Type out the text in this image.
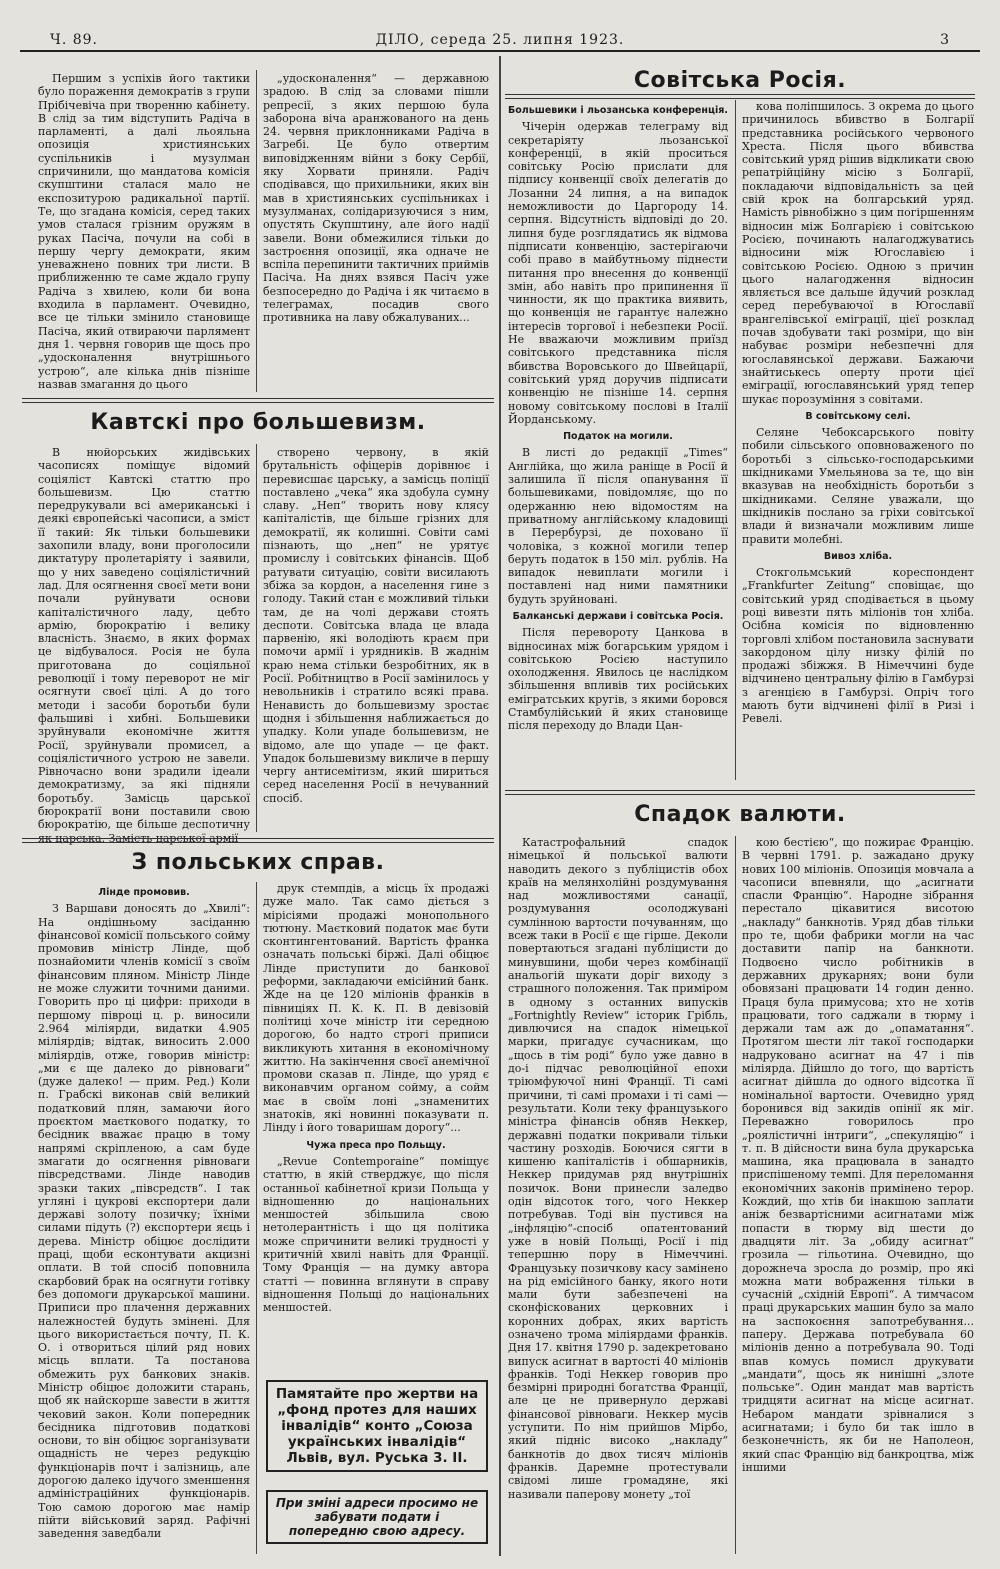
Ч. 89.	ДІЛО, середа 25. липня 1923.	3

Першим з успіхів його тактики було пораження демократів з групи Прібічевіча при творенню кабінету. В слід за тим відступить Радіча в парламенті, а далі льояльна опозиція християнських суспільників і музулман спричинили, що мандатова комісія скупштини сталася мало не експозитурою радикальної партії. Те, що згадана комісія, серед таких умов сталася грізним оружям в руках Пасіча, почули на собі в першу чергу демократи, яким уневажнено повних три листи. В приближенню те саме ждало групу Радіча з хвилею, коли би вона входила в парламент. Очевидно, все це тільки змінило становище Пасіча, який отвираючи парлямент дня 1. червня говорив ще щось про „удосконалення внутрішнього устрою“, але кілька днів пізніше назвав змагання до цього

„удосконалення“ — державною зрадою. В слід за словами пішли репресії, з яких першою була заборона віча аранжованого на день 24. червня приклонниками Радіча в Загребі. Це було отвертим виповідженням війни з боку Сербії, яку Хорвати приняли. Радіч сподівався, що прихильники, яких він мав в християнських суспільниках і музулманах, солідаризуючися з ним, опустять Скупштину, але його надії завели. Вони обмежилися тільки до застроєння опозиції, яка одначе не вспіла перепинити тактичних приймів Пасіча. На днях взявся Пасіч уже безпосередно до Радіча і як читаємо в телеграмах, посадив свого противника на лаву обжалуваних...

Кавтскі про большевизм.

В нюйорських жидівських часописях поміщує відомий соціяліст Кавтскі статтю про большевизм. Цю статтю передрукували всі американські і деякі європейські часописи, а зміст її такий: Як тільки большевики захопили владу, вони проголосили диктатуру пролетаріяту і заявили, що у них заведено соціялістичний лад. Для осягнення своєї мети вони почали руйнувати основи капіталістичного ладу, цебто армію, бюрократію і велику власність. Знаємо, в яких формах це відбувалося. Росія не була приготована до соціяльної революції і тому переворот не міг осягнути своєї цілі. А до того методи і засоби боротьби були фальшиві і хибні. Большевики зруйнували економічне життя Росії, зруйнували промисел, а соціялістичного устрою не завели. Рівночасно вони зрадили ідеали демократизму, за які підняли боротьбу. Замісць царської бюрократії вони поставили свою бюрократію, ще більше деспотичну як царська. Замість царської армії

створено червону, в якій брутальність офіцерів дорівнює і перевисшає царську, а замісць поліції поставлено „чека“ яка здобула сумну славу. „Неп“ творить нову клясу капіталістів, ще більше грізних для демократії, як колишні. Совіти самі пізнають, що „неп“ не урятує промислу і совітських фінансів. Щоб ратувати ситуацію, совіти висилають збіжа за кордон, а населення гине з голоду. Такий стан є можливий тільки там, де на чолі держави стоять деспоти. Совітська влада це влада парвенію, які володіють краєм при помочи армії і урядників. В жаднім краю нема стільки безробітних, як в Росії. Робітництво в Росії замінилось у невольників і стратило всякі права. Ненависть до большевизму зростає щодня і збільшення наближається до упадку. Коли упаде большевизм, не відомо, але що упаде — це факт. Упадок большевизму викличе в першу чергу антисемітизм, який шириться серед населення Росії в нечуванний спосіб.

З польських справ.
Лінде промовив.

З Варшави доносять до „Хвилі“: На ондішньому засіданню фінансової комісії польського сойму промовив міністр Лінде, щоб познайомити членів комісії з своїм фінансовим пляном. Міністр Лінде не може служити точними даними. Говорить про ці цифри: приходи в першому півроці ц. р. виносили 2.964 міліярди, видатки 4.905 міліярдів; відтак, виносить 2.000 міліярдів, отже, говорив міністр: „ми є ще далеко до рівноваги“ (дуже далеко! — прим. Ред.) Коли п. Грабскі виконав свій великий податковий плян, замаючи його проєктом маєткового податку, то бесідник вважає працю в тому напрямі скріпленою, а сам буде змагати до осягнення рівноваги півсредствами. Лінде наводив зразки таких „півсредств“. І так угляні і цукрові експортери дали державі золоту позичку; їхніми силами підуть (?) експортери яєць і дерева. Міністр обіцює дослідити праці, щоби есконтувати акцизні оплати. В той спосіб поповнила скарбовий брак на осягнути готівку без допомоги друкарської машини. Приписи про плачення державних належностей будуть змінені. Для цього використається почту, П. К. О. і отвориться цілий ряд нових місць вплати. Та постанова обмежить рух банкових знаків. Міністр обіцює доложити старань, щоб як найскорше завести в життя чековий закон. Коли попередник бесідника підготовив податкові основи, то він обіцює зорганізувати ощадність не через редукцію функціонарів почт і залізниць, але дорогою далеко ідучого зменшення адміністраційних функціонарів. Тою самою дорогою має намір пійти військовий заряд. Рафічні заведення заведбали

друк стемпдів, а місць їх продажі дуже мало. Так само діється з мірісіями продажі монопольного тютюну. Маєтковий податок має бути сконтингентований. Вартість франка означать польські біржі. Далі обіцює Лінде приступити до банкової реформи, закладаючи емісійний банк. Жде на це 120 міліонів франків в півниціях П. К. К. П. В девізовій політиці хоче міністр іти середною дорогою, бо надто строгі приписи викликують хитання в економічному життю. На закінчення своєї анемічної промови сказав п. Лінде, що уряд є виконавчим органом сойму, а сойм має в своїм лоні „знаменитих знатоків, які новинні показувати п. Лінду і його товаришам дорогу“...

Чужа преса про Польщу.

„Revue Contemporaine“ поміщує статтю, в якій стверджує, що після останньої кабінетної кризи Польща у відношенню до національних меншостей збільшила свою нетолерантність і що ця політика може спричинити великі трудності у критичній хвилі навіть для Франції. Тому Франція — на думку автора статті — повинна вглянути в справу відношення Польщі до національних меншостей.

Памятайте про жертви на „фонд протез для наших інвалідів“ конто „Союза українських інвалідів“ Львів, вул. Руська 3. II.
При зміні адреси просимо не забувати подати і попередню свою адресу.
Совітська Росія.
Большевики і льозанська конференція.

Чічерін одержав телеграму від секретаріяту льозанської конференції, в якій проситься совітську Росію прислати для підпису конвенції своїх делегатів до Лозанни 24 липня, а на випадок неможливости до Царгороду 14. серпня. Відсутність відповіді до 20. липня буде розглядатись як відмова підписати конвенцію, застерігаючи собі право в майбутньому піднести питання про внесення до конвенції змін, або навіть про припинення її чинности, як що практика виявить, що конвенція не гарантує належно інтересів торгової і небезпеки Росії. Не вважаючи можливим приїзд совітського представника після вбивства Воровського до Швейцарії, совітський уряд доручив підписати конвенцію не пізніше 14. серпня новому совітському послові в Італії Йорданському.

Податок на могили.

В листі до редакції „Times“ Англійка, що жила раніще в Росії й залишила її після опанування її большевиками, повідомляє, що по одержанню нею відомостям на приватному англійському кладовищі в Перербурзі, де поховано її чоловіка, з кожної могили тепер беруть податок в 150 міл. рублів. На випадок невиплати могили і поставлені над ними памятники будуть зруйновані.

Балканські держави і совітська Росія.

Після перевороту Цанкова в відносинах між богарським урядом і совітською Росією наступило охолодження. Явилось це наслідком збільшення впливів тих російських емігратських кругів, з якими боровся Стамбулійський й яких становище після переходу до Влади Цан-

кова поліпшилось. З окрема до цього причинилось вбивство в Болгарії представника російського червоного Хреста. Після цього вбивства совітський уряд рішив відкликати свою репатрійційну місію з Болгарії, покладаючи відповідальність за цей свій крок на болгарський уряд. Намість рівнобіжно з цим погіршенням відносин між Болгарією і совітською Росією, починають налагоджуватись відносини між Югославією і совітською Росією. Одною з причин цього налагодження відносин являється все дальше йдучий розклад серед перебуваючої в Югославії врангелівської еміграції, цієї розклад почав здобувати такі розміри, що він набуває розміри небезпечні для югославянської держави. Бажаючи знайтиськесь оперту проти цієї еміграції, югославянський уряд тепер шукає порозуміння з совітами.

В совітському селі.

Селяне Чебоксарського повіту побили сільського оповноваженого по боротьбі з сільсько-господарськими шкідниками Умельянова за те, що він вказував на необхідність боротьби з шкідниками. Селяне уважали, що шкідників послано за гріхи совітської влади й визначали можливим лише правити молебні.

Вивоз хліба.

Стокгольмський кореспондент „Frankfurter Zeitung“ сповіщає, що совітський уряд сподівається в цьому році вивезти пять міліонів тон хліба. Осібна комісія по відновленню торговлі хлібом постановила заснувати закордоном цілу низку філій по продажі збіжжя. В Німеччині буде відчинено центральну філію в Гамбурзі з агенцією в Гамбурзі. Опріч того мають бути відчинені філії в Ризі і Ревелі.

Спадок валюти.

Катастрофальний спадок німецької й польської валюти наводить декого з публіцистів обох країв на мелянхолійні роздумування над можливостями санації, роздумування осолоджувані сумлінною вартости почуванням, що всеж таки в Росії є ще гірше. Деколи повертаються згадані публіцисти до минувшини, щоби через комбінації анальогій шукати доріг виходу з страшного положення. Так приміром в одному з останних випусків „Fortnightly Review“ історик Грібль, дивлючися на спадок німецької марки, пригадує сучасникам, що „щось в тім рoді“ було уже давно в до-і підчас революційної епохи тріюмфуючої нині Франції. Ті самі причини, ті самі промахи і ті самі — результати. Коли теку французького міністра фінансів обняв Неккер, державні податки покривали тільки частину розходів. Боючися сягти в кишеню капіталістів і обшарників, Неккер придумав ряд внутрішніх позичок. Вони принесли заледво одін відсоток того, чого Неккер потребував. Тоді він пустився на „інфляцію“-спосіб опатентований уже в новій Польщі, Росії і під тепершню пору в Німеччині. Французьку позичкову касу замінено на рід емісійного банку, якого ноти мали бути забезпечені на сконфіскованих церковних і коронних добрах, яких вартість означено трома міліярдами франків. Дня 17. квітня 1790 р. задекретовано випуск асигнат в вартості 40 міліонів франків. Тоді Неккер говорив про безмірні природні богатства Франції, але це не привернуло державі фінансової рівноваги. Неккер мусів уступити. По нім прийшов Мірбо, який підніс високо „накладу“ банкнотів до двох тисяч міліонів франків. Даремне протестували свідомі лише громадяне, які називали паперову монету „тої

кою бестією“, що пожирає Францію. В червні 1791. р. зажадано друку нових 100 міліонів. Опозиція мовчала а часописи впевняли, що „асигнати спасли Францію“. Народне зібрання перестало цікавитися висотою „накладу“ банкнотів. Уряд дбав тільки про те, щоби фабрики могли на час доставити папір на банкноти. Подвоєно число робітників в державних друкарнях; вони були обовязані працювати 14 годин денно. Праця була примусова; хто не хотів працювати, того саджали в тюрму і держали там аж до „опаматання“. Протягом шести літ такої господарки надруковано асигнат на 47 і пів міліярда. Дійшло до того, що вартість асигнат дійшла до одного відсотка її номінальної вартости. Очевидно уряд боронився від закидів опінії як міг. Переважно говорилось про „роялістичні інтриги“, „спекуляцію“ і т. п. В дійсности вина була друкарська машина, яка працювала в занадто приспішеному темпі. Для переломання економічних законів примінено терор. Кождий, що хтів би інакшою заплати аніж безвартісними асигнатами між попасти в тюрму від шести до двадцяти літ. За „обиду асигнат“ грозила — гільотина. Очевидно, що дорожнеча зросла до розмір, про які можна мати вображення тільки в сучасній „східній Европі“. А тимчасом праці друкарських машин було за мало на заспокоєння запотребування... паперу. Держава потребувала 60 міліонів денно а потребувала 90. Тоді впав комусь помисл друкувати „мандати“, щось як нинішні „злоте польське“. Один мандат мав вартість тридцяти асигнат на місце асигнат. Небаром мандати зрівналися з асигнатами; і було би так ішло в безконечність, як би не Наполеон, який спас Францію від банкроцтва, між іншими
